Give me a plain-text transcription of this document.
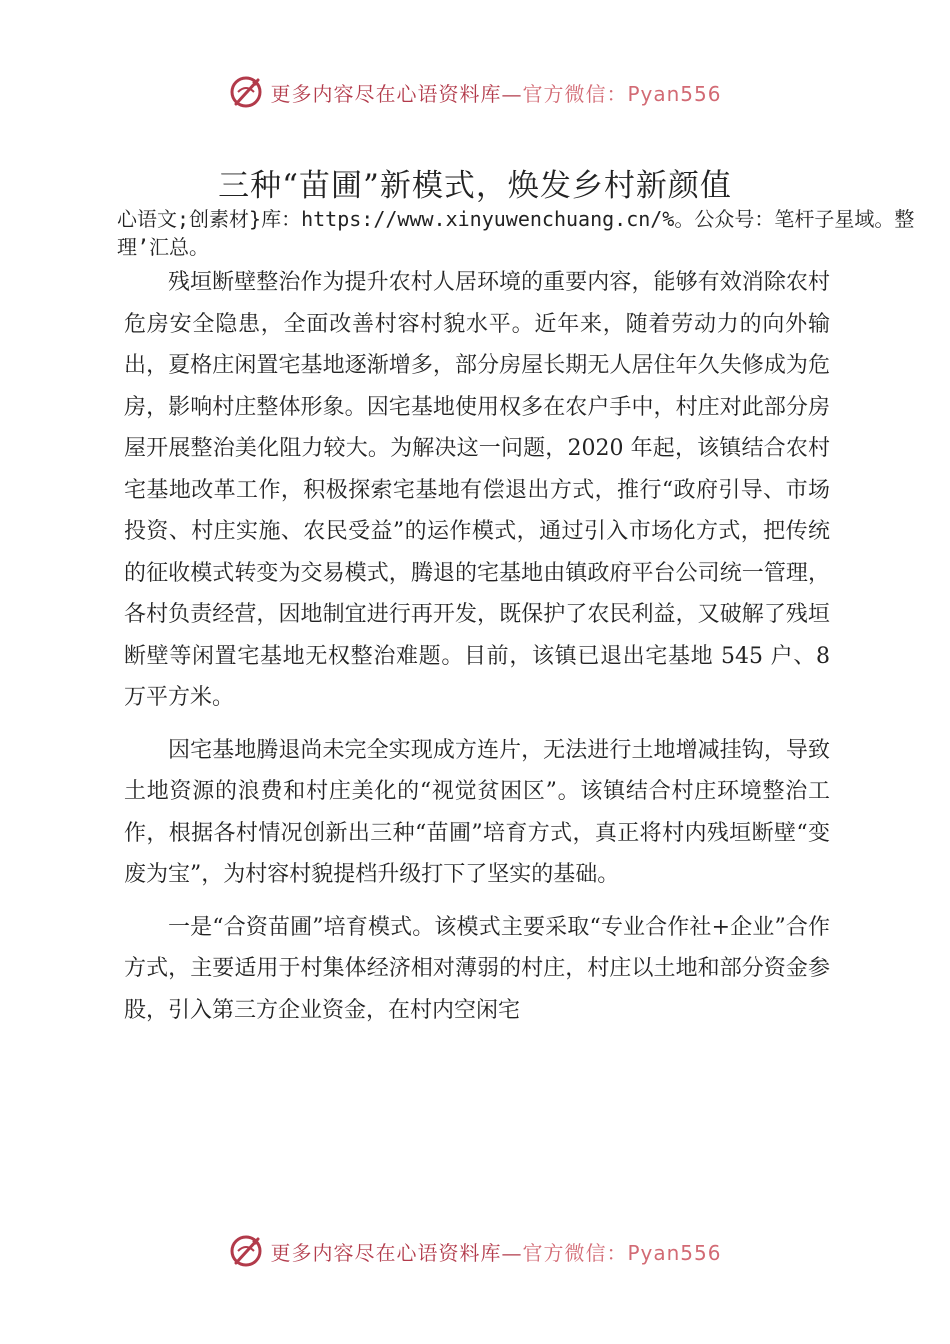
更多内容尽在心语资料库—官方微信：Pyan556
三种“苗圃”新模式，焕发乡村新颜值
心语文;创素材}库：https://www.xinyuwenchuang.cn/%。公众号：笔杆子星域。整理’汇总。

残垣断壁整治作为提升农村人居环境的重要内容，能够有效消除农村危房安全隐患，全面改善村容村貌水平。近年来，随着劳动力的向外输出，夏格庄闲置宅基地逐渐增多，部分房屋长期无人居住年久失修成为危房，影响村庄整体形象。因宅基地使用权多在农户手中，村庄对此部分房屋开展整治美化阻力较大。为解决这一问题，2020 年起，该镇结合农村宅基地改革工作，积极探索宅基地有偿退出方式，推行“政府引导、市场投资、村庄实施、农民受益”的运作模式，通过引入市场化方式，把传统的征收模式转变为交易模式，腾退的宅基地由镇政府平台公司统一管理，各村负责经营，因地制宜进行再开发，既保护了农民利益，又破解了残垣断壁等闲置宅基地无权整治难题。目前，该镇已退出宅基地 545 户、8 万平方米。

因宅基地腾退尚未完全实现成方连片，无法进行土地增减挂钩，导致土地资源的浪费和村庄美化的“视觉贫困区”。该镇结合村庄环境整治工作，根据各村情况创新出三种“苗圃”培育方式，真正将村内残垣断壁“变废为宝”，为村容村貌提档升级打下了坚实的基础。

一是“合资苗圃”培育模式。该模式主要采取“专业合作社+企业”合作方式，主要适用于村集体经济相对薄弱的村庄，村庄以土地和部分资金参股，引入第三方企业资金，在村内空闲宅

更多内容尽在心语资料库—官方微信：Pyan556
